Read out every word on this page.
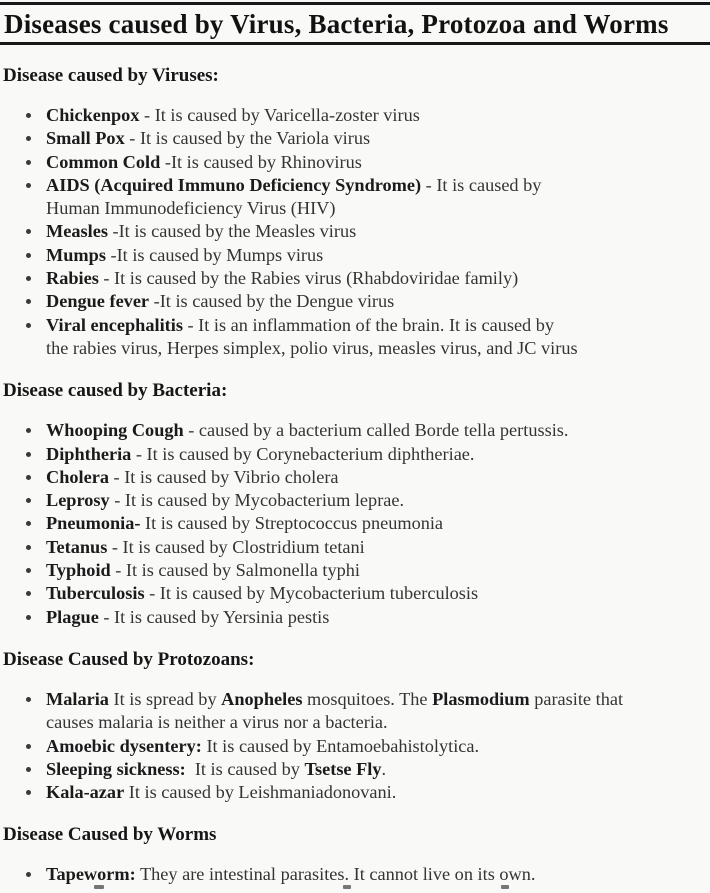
Diseases caused by Virus, Bacteria, Protozoa and Worms
Disease caused by Viruses:
Chickenpox - It is caused by Varicella-zoster virus
Small Pox - It is caused by the Variola virus
Common Cold -It is caused by Rhinovirus
AIDS (Acquired Immuno Deficiency Syndrome) - It is caused by
Human Immunodeficiency Virus (HIV)
Measles -It is caused by the Measles virus
Mumps -It is caused by Mumps virus
Rabies - It is caused by the Rabies virus (Rhabdoviridae family)
Dengue fever -It is caused by the Dengue virus
Viral encephalitis - It is an inflammation of the brain. It is caused by
the rabies virus, Herpes simplex, polio virus, measles virus, and JC virus
Disease caused by Bacteria:
Whooping Cough - caused by a bacterium called Borde tella pertussis.
Diphtheria - It is caused by Corynebacterium diphtheriae.
Cholera - It is caused by Vibrio cholera
Leprosy - It is caused by Mycobacterium leprae.
Pneumonia- It is caused by Streptococcus pneumonia
Tetanus - It is caused by Clostridium tetani
Typhoid - It is caused by Salmonella typhi
Tuberculosis - It is caused by Mycobacterium tuberculosis
Plague - It is caused by Yersinia pestis
Disease Caused by Protozoans:
Malaria It is spread by Anopheles mosquitoes. The Plasmodium parasite that
causes malaria is neither a virus nor a bacteria.
Amoebic dysentery: It is caused by Entamoebahistolytica.
Sleeping sickness:  It is caused by Tsetse Fly.
Kala-azar It is caused by Leishmaniadonovani.
Disease Caused by Worms
Tapeworm: They are intestinal parasites. It cannot live on its own.
